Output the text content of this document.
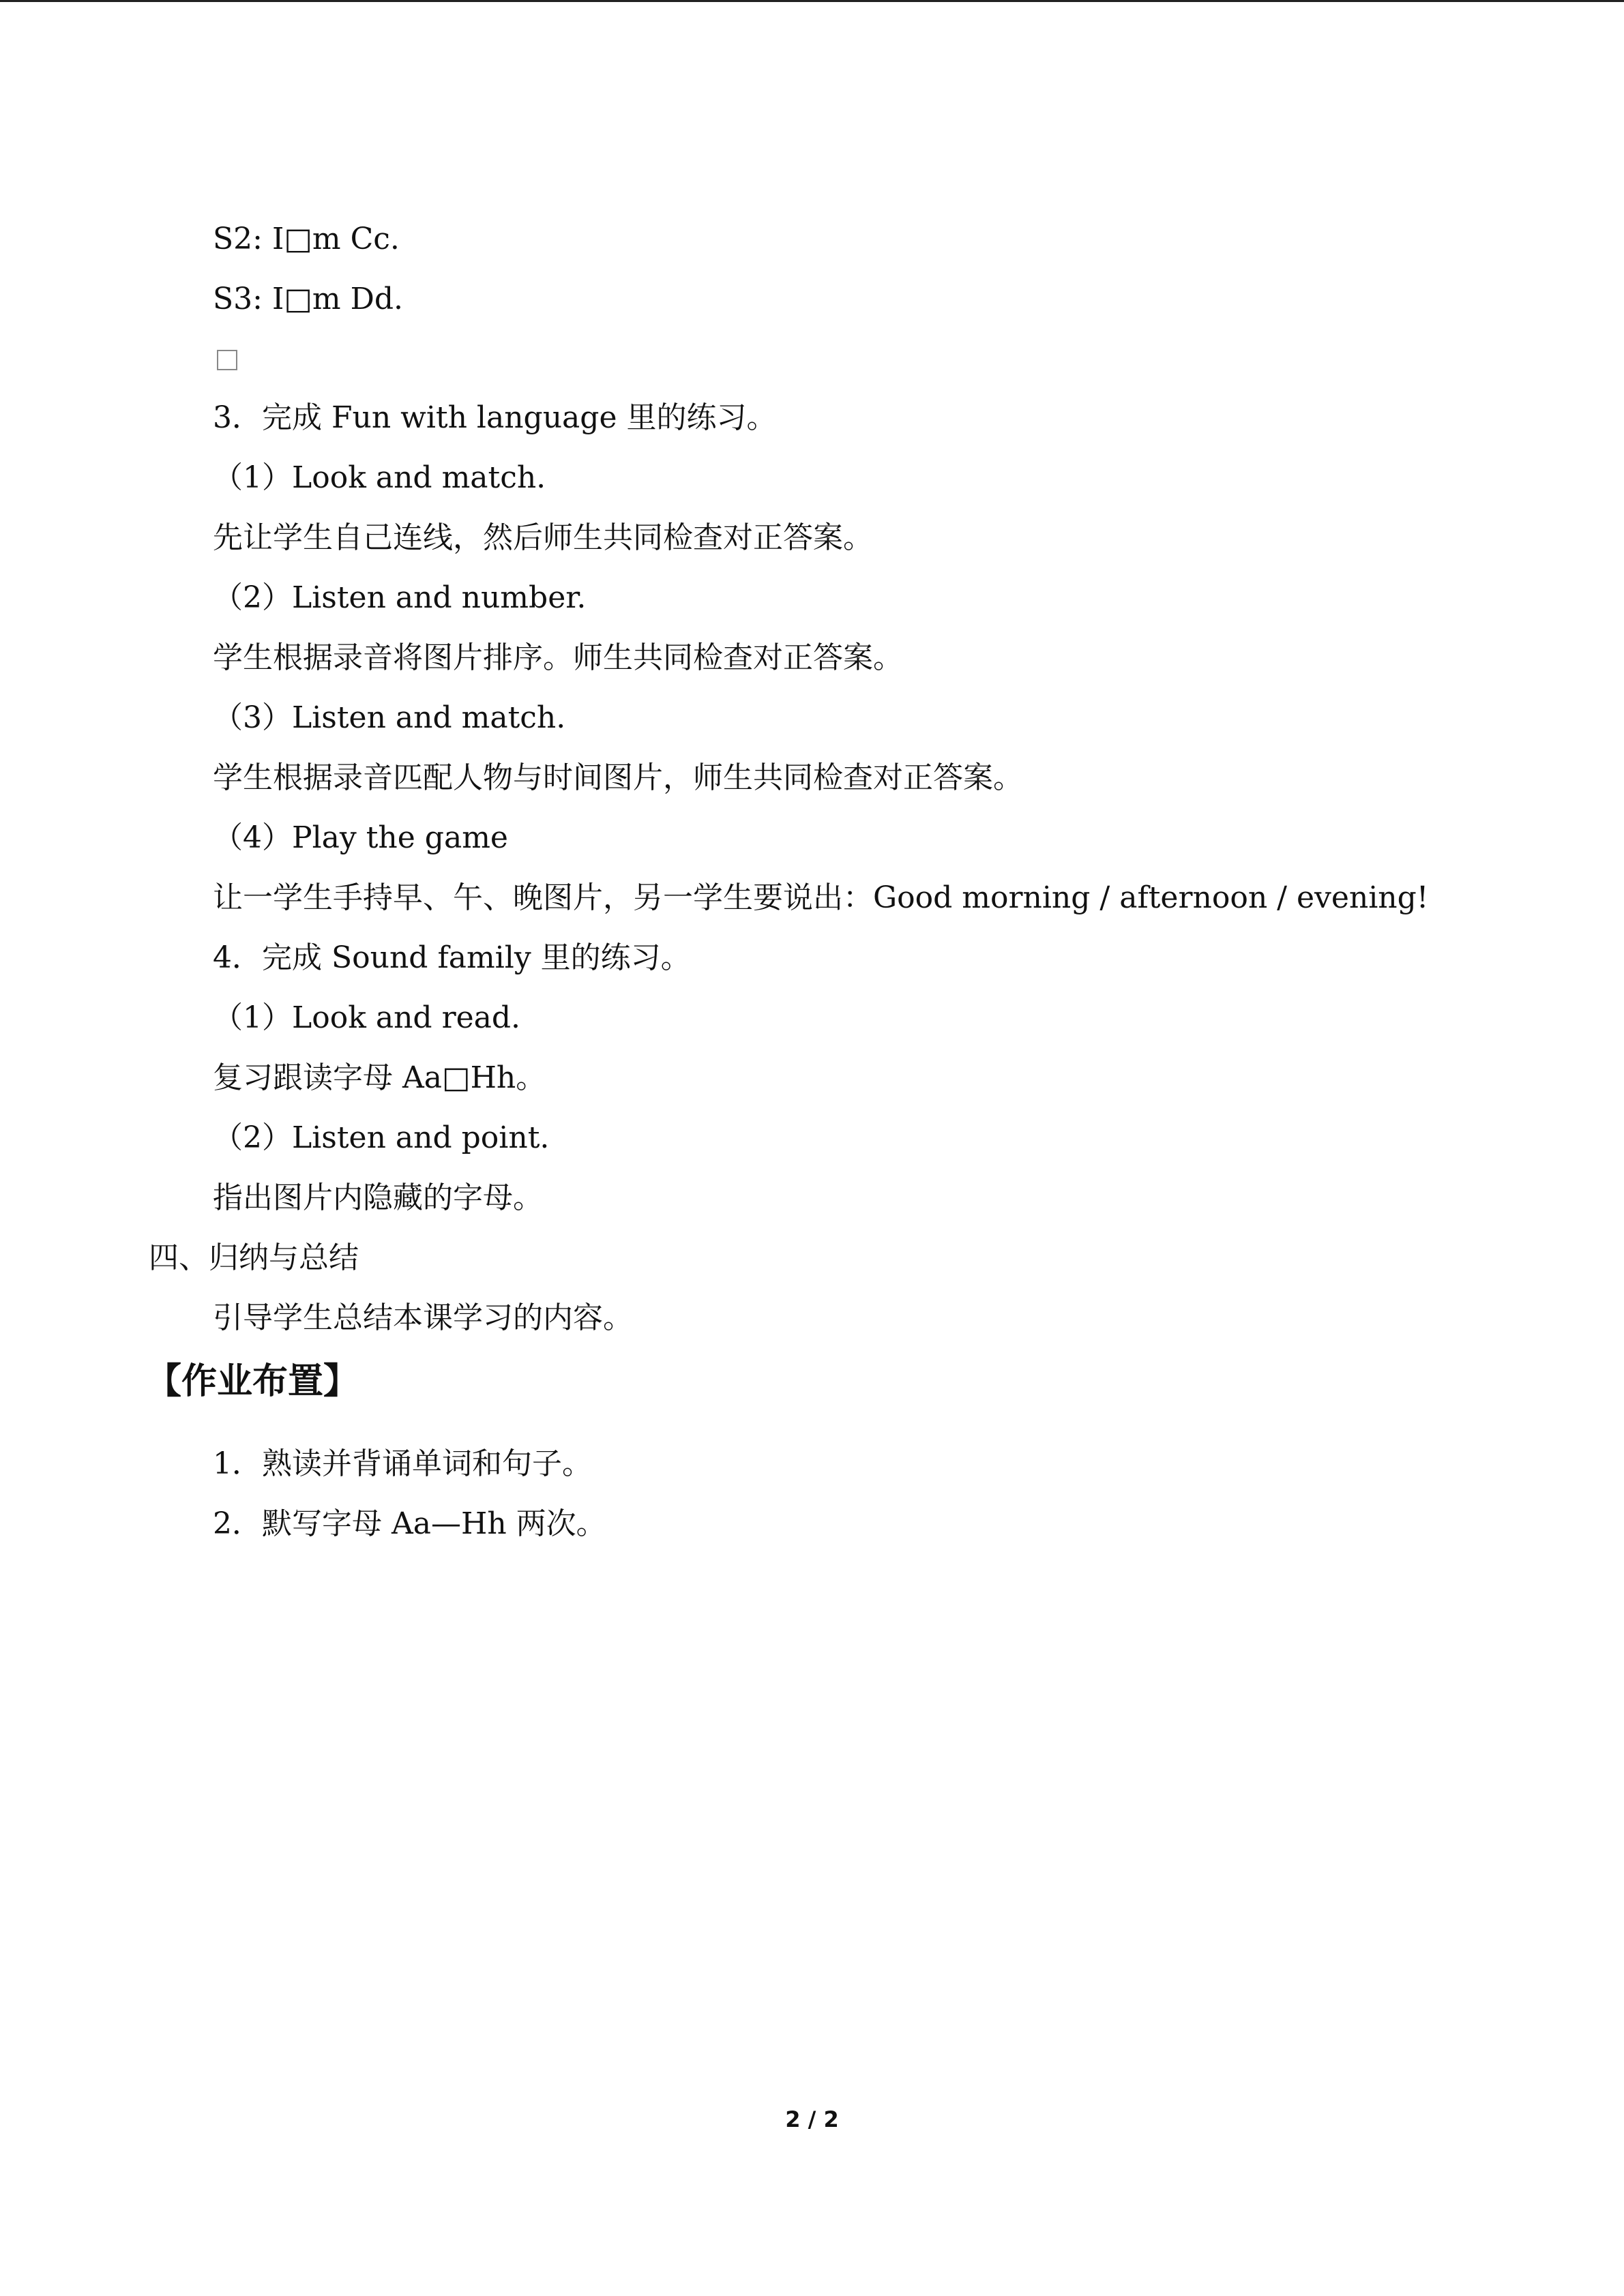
S2: I□m Cc.
S3: I□m Dd.
3．完成 Fun with language 里的练习。
（1）Look and match.
先让学生自己连线，然后师生共同检查对正答案。
（2）Listen and number.
学生根据录音将图片排序。师生共同检查对正答案。
（3）Listen and match.
学生根据录音匹配人物与时间图片，师生共同检查对正答案。
（4）Play the game
让一学生手持早、午、晚图片，另一学生要说出：Good morning / afternoon / evening!
4．完成 Sound family 里的练习。
（1）Look and read.
复习跟读字母 Aa□Hh。
（2）Listen and point.
指出图片内隐藏的字母。
四、归纳与总结
引导学生总结本课学习的内容。
【作业布置】
1．熟读并背诵单词和句子。
2．默写字母 Aa—Hh 两次。
2 / 2
